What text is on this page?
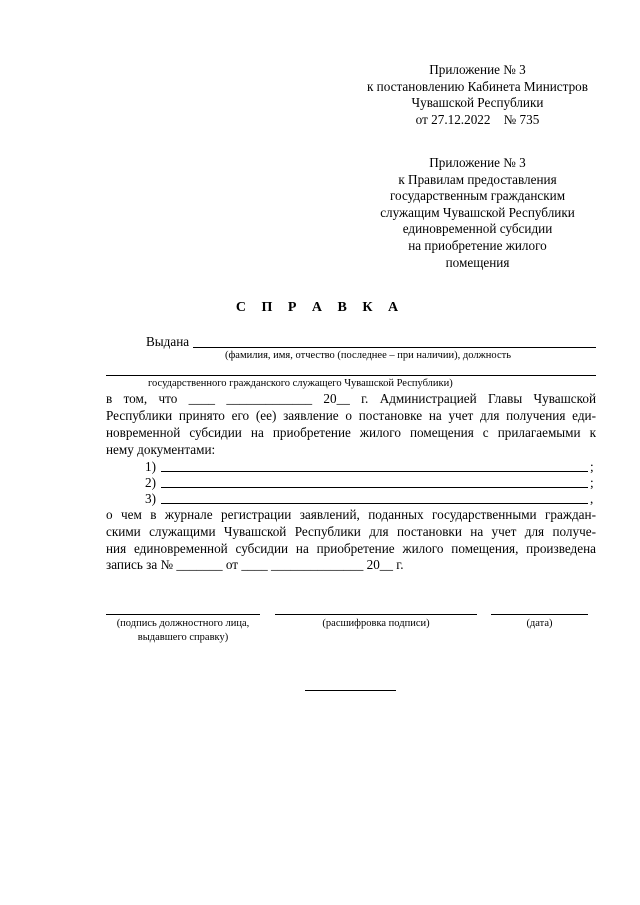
Приложение № 3
к постановлению Кабинета Министров
Чувашской Республики
от 27.12.2022    № 735
Приложение № 3
к Правилам предоставления
государственным гражданским
служащим Чувашской Республики
единовременной субсидии
на приобретение жилого
помещения
С П Р А В К А
Выдана
(фамилия, имя, отчество (последнее – при наличии), должность
государственного гражданского служащего Чувашской Республики)
в том, что ____ _____________ 20__ г. Администрацией Главы Чувашской
Республики принято его (ее) заявление о постановке на учет для получения еди-
новременной субсидии на приобретение жилого помещения с прилагаемыми к
нему документами:
1)	;
2)	;
3)	,
о чем в журнале регистрации заявлений, поданных государственными граждан-
скими служащими Чувашской Республики для постановки на учет для получе-
ния единовременной субсидии на приобретение жилого помещения, произведена
запись за № _______ от ____ ______________ 20__ г.
(подпись должностного лица, выдавшего справку)
(расшифровка подписи)	(дата)
